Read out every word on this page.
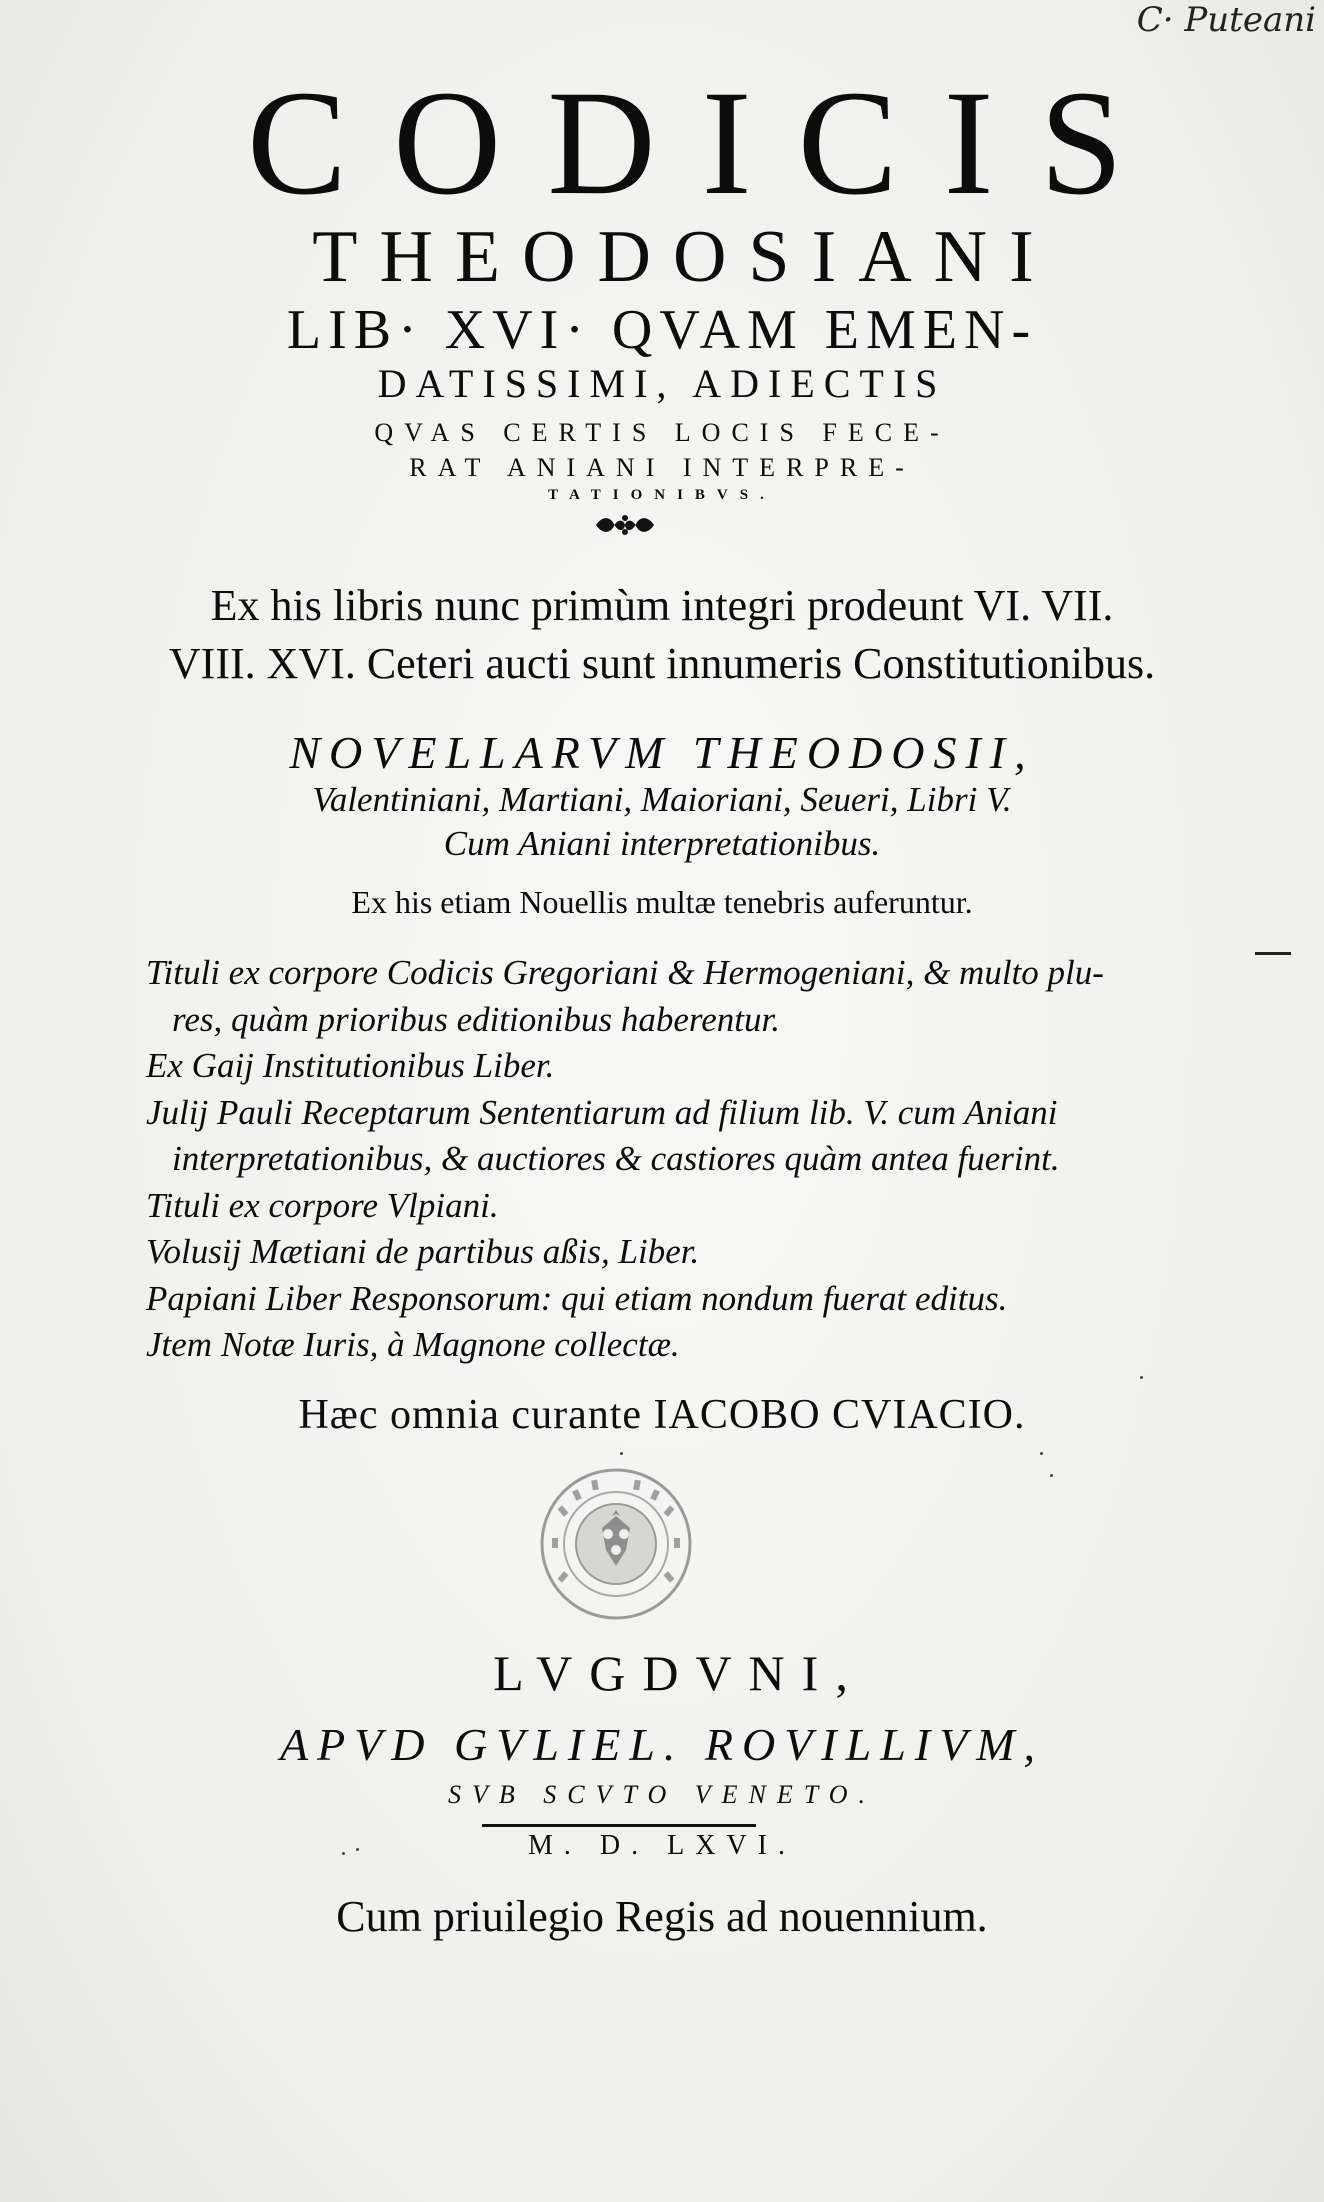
C· Puteani
CODICIS
THEODOSIANI
LIB· XVI· QVAM EMEN-
DATISSIMI, ADIECTIS
QVAS CERTIS LOCIS FECE-
RAT ANIANI INTERPRE-
TATIONIBVS.
Ex his libris nunc primùm integri prodeunt VI. VII.
VIII. XVI. Ceteri aucti sunt innumeris Constitutionibus.
NOVELLARVM THEODOSII,
Valentiniani, Martiani, Maioriani, Seueri, Libri V.
Cum Aniani interpretationibus.
Ex his etiam Nouellis multæ tenebris auferuntur.
Tituli ex corpore Codicis Gregoriani & Hermogeniani, & multo plu-
res, quàm prioribus editionibus haberentur.
Ex Gaij Institutionibus Liber.
Julij Pauli Receptarum Sententiarum ad filium lib. V. cum Aniani
interpretationibus, & auctiores & castiores quàm antea fuerint.
Tituli ex corpore Vlpiani.
Volusij Mætiani de partibus aßis, Liber.
Papiani Liber Responsorum: qui etiam nondum fuerat editus.
Jtem Notæ Iuris, à Magnone collectæ.
Hæc omnia curante IACOBO CVIACIO.
LVGDVNI,
APVD GVLIEL. ROVILLIVM,
SVB SCVTO VENETO.
M. D. LXVI.
Cum priuilegio Regis ad nouennium.
